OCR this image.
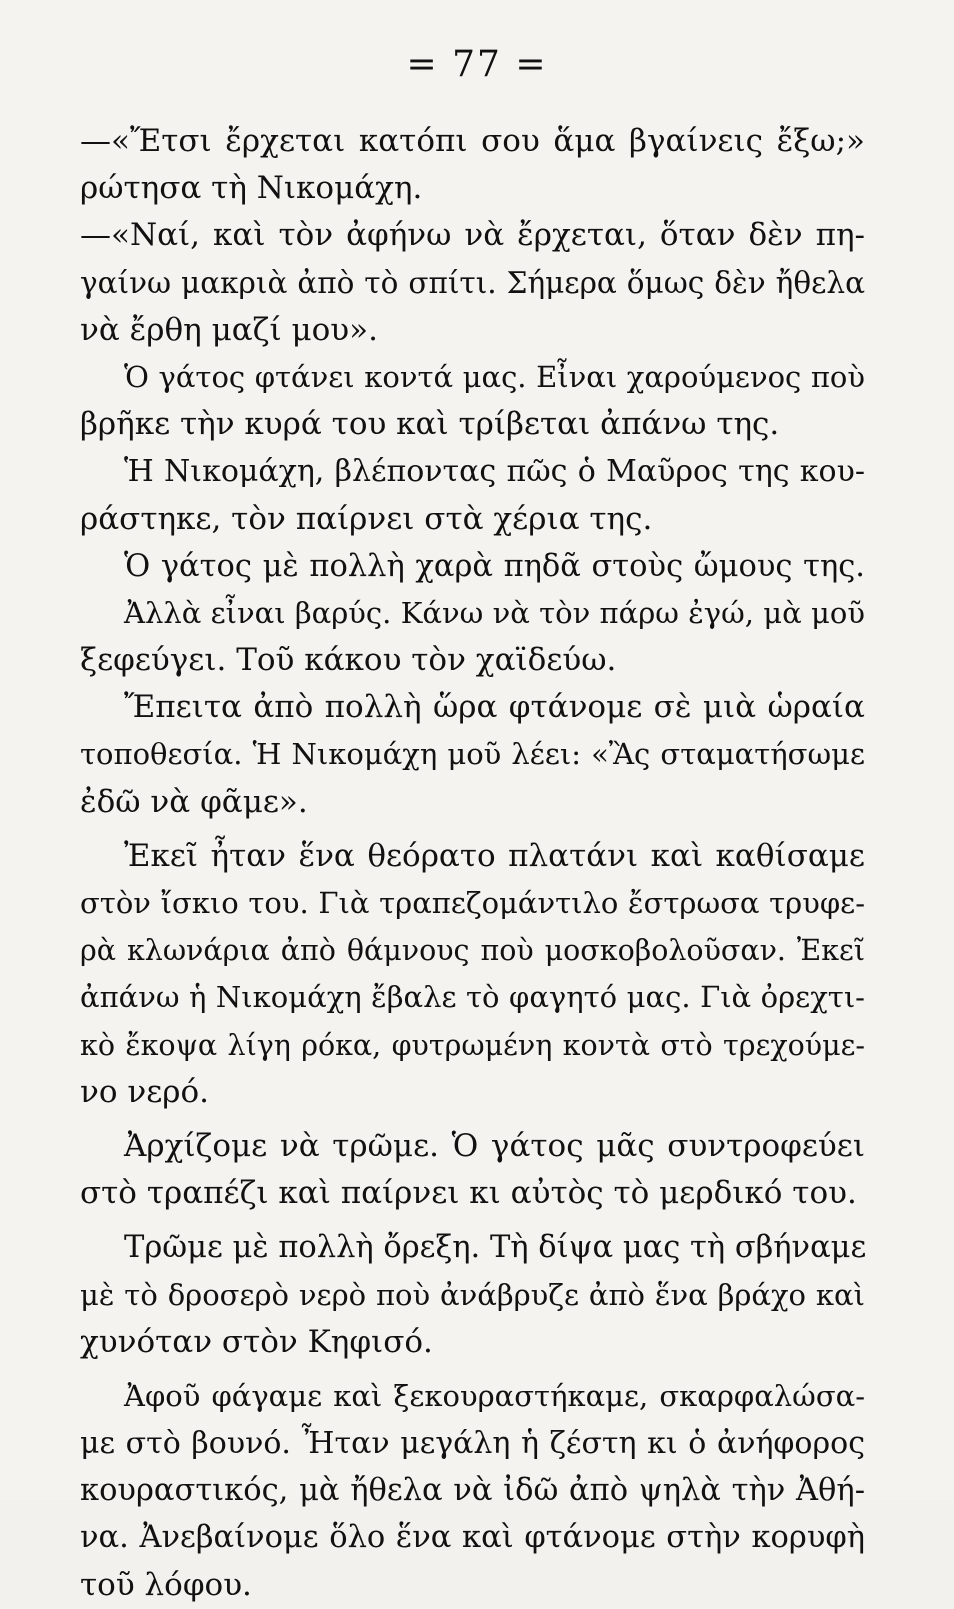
= 77 =
—«Ἔτσι ἔρχεται κατόπι σου ἅμα βγαίνεις ἔξω;»
ρώτησα τὴ Νικομάχη.
—«Ναί, καὶ τὸν ἀφήνω νὰ ἔρχεται, ὅταν δὲν πη-
γαίνω μακριὰ ἀπὸ τὸ σπίτι. Σήμερα ὅμως δὲν ἤθελα
νὰ ἔρθη μαζί μου».
Ὁ γάτος φτάνει κοντά μας. Εἶναι χαρούμενος ποὺ
βρῆκε τὴν κυρά του καὶ τρίβεται ἀπάνω της.
Ἡ Νικομάχη, βλέποντας πῶς ὁ Μαῦρος της κου-
ράστηκε, τὸν παίρνει στὰ χέρια της.
Ὁ γάτος μὲ πολλὴ χαρὰ πηδᾶ στοὺς ὤμους της.
Ἀλλὰ εἶναι βαρύς. Κάνω νὰ τὸν πάρω ἐγώ, μὰ μοῦ
ξεφεύγει. Τοῦ κάκου τὸν χαϊδεύω.
Ἔπειτα ἀπὸ πολλὴ ὥρα φτάνομε σὲ μιὰ ὡραία
τοποθεσία. Ἡ Νικομάχη μοῦ λέει: «Ἂς σταματήσωμε
ἐδῶ νὰ φᾶμε».
Ἐκεῖ ἦταν ἕνα θεόρατο πλατάνι καὶ καθίσαμε
στὸν ἴσκιο του. Γιὰ τραπεζομάντιλο ἔστρωσα τρυφε-
ρὰ κλωνάρια ἀπὸ θάμνους ποὺ μοσκοβολοῦσαν. Ἐκεῖ
ἀπάνω ἡ Νικομάχη ἔβαλε τὸ φαγητό μας. Γιὰ ὀρεχτι-
κὸ ἔκοψα λίγη ρόκα, φυτρωμένη κοντὰ στὸ τρεχούμε-
νο νερό.
Ἀρχίζομε νὰ τρῶμε. Ὁ γάτος μᾶς συντροφεύει
στὸ τραπέζι καὶ παίρνει κι αὐτὸς τὸ μερδικό του.
Τρῶμε μὲ πολλὴ ὄρεξη. Τὴ δίψα μας τὴ σβήναμε
μὲ τὸ δροσερὸ νερὸ ποὺ ἀνάβρυζε ἀπὸ ἕνα βράχο καὶ
χυνόταν στὸν Κηφισό.
Ἀφοῦ φάγαμε καὶ ξεκουραστήκαμε, σκαρφαλώσα-
με στὸ βουνό. Ἦταν μεγάλη ἡ ζέστη κι ὁ ἀνήφορος
κουραστικός, μὰ ἤθελα νὰ ἰδῶ ἀπὸ ψηλὰ τὴν Ἀθή-
να. Ἀνεβαίνομε ὅλο ἕνα καὶ φτάνομε στὴν κορυφὴ
τοῦ λόφου.
